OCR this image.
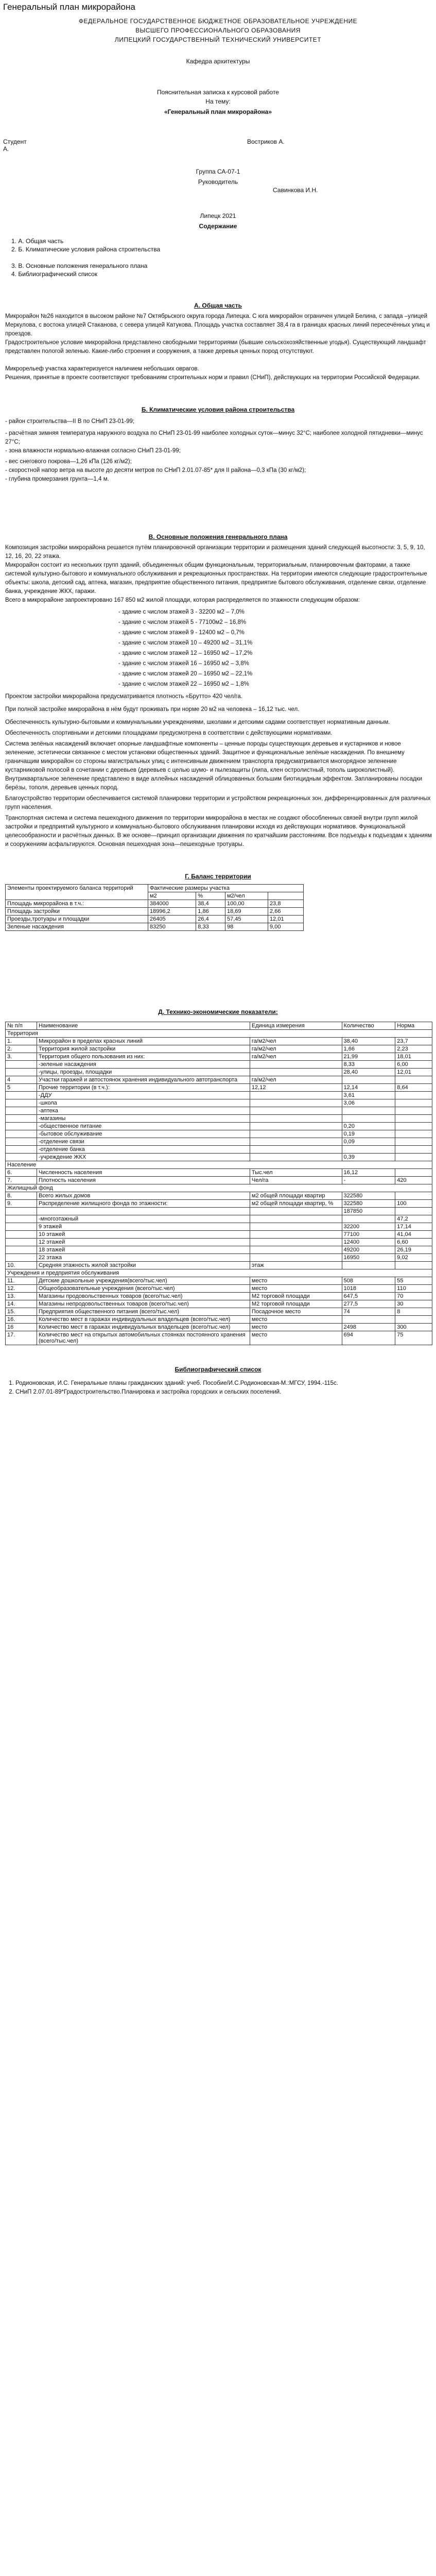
Генеральный план микрорайона
ФЕДЕРАЛЬНОЕ ГОСУДАРСТВЕННОЕ БЮДЖЕТНОЕ ОБРАЗОВАТЕЛЬНОЕ УЧРЕЖДЕНИЕ
ВЫСШЕГО ПРОФЕССИОНАЛЬНОГО ОБРАЗОВАНИЯ
ЛИПЕЦКИЙ ГОСУДАРСТВЕННЫЙ ТЕХНИЧЕСКИЙ УНИВЕРСИТЕТ
Кафедра архитектуры
Пояснительная записка к курсовой работе
На тему:
«Генеральный план микрорайона»
Студент	Востриков А.
А.
Группа СА-07-1
Руководитель
Савинкова И.Н.
Липецк 2021
Содержание
1. А. Общая часть
2. Б. Климатические условия района строительства
3. В. Основные положения генерального плана
4. Библиографический список
А. Общая часть

Микрорайон №26 находится в высоком районе №7 Октябрьского округа города Липецка. С юга микрорайон ограничен улицей Белина, с запада –улицей Меркулова, с востока улицей Стаканова, с севера улицей Катукова. Площадь участка составляет 38,4 га в границах красных линий пересечённых улиц и проездов.

Градостроительное условие микрорайона представлено свободными территориями (бывшие сельскохозяйственные угодья). Существующий ландшафт представлен пологой зеленью. Какие-либо строения и сооружения, а также деревья ценных пород отсутствуют.

Микрорельеф участка характеризуется наличием небольших оврагов.

Решения, принятые в проекте соответствуют требованиям строительных норм и правил (СНиП), действующих на территории Российской Федерации.

Б. Климатические условия района строительства

- район строительства—II В по СНиП 23-01-99;

- расчётная зимняя температура наружного воздуха по СНиП 23-01-99 наиболее холодных суток—минус 32°C; наиболее холодной пятидневки—минус 27°C;

- зона влажности нормально-влажная согласно СНиП 23-01-99;

- вес снегового покрова—1,26 кПа (126 кг/м2);

- скоростной напор ветра на высоте до десяти метров по СНиП 2.01.07-85* для II района—0,3 кПа (30 кг/м2);

- глубина промерзания грунта—1,4 м.

В. Основные положения генерального плана

Композиция застройки микрорайона решается путём планировочной организации территории и размещения зданий следующей высотности: 3, 5, 9, 10, 12, 16, 20, 22 этажа.

Микрорайон состоит из нескольких групп зданий, объединенных общим функциональным, территориальным, планировочным факторами, а также системой культурно-бытового и коммунального обслуживания и рекреационных пространствах. На территории имеются следующие градостроительные объекты: школа, детский сад, аптека, магазин, предприятие общественного питания, предприятие бытового обслуживания, отделение связи, отделение банка, учреждение ЖКХ, гаражи.

Всего в микрорайоне запроектировано 167 850 м2 жилой площади, которая распределяется по этажности следующим образом:

- здание с числом этажей 3 - 32200 м2 – 7,0%
- здание с числом этажей 5 - 77100м2 – 16,8%
- здание с числом этажей 9 - 12400 м2 – 0,7%
- здание с числом этажей 10 – 49200 м2 – 31,1%
- здание с числом этажей 12 – 16950 м2 – 17,2%
- здание с числом этажей 16 – 16950 м2 – 3,8%
- здание с числом этажей 20 – 16950 м2 – 22,1%
- здание с числом этажей 22 – 16950 м2 – 1,8%

Проектом застройки микрорайона предусматривается плотность «Брутто» 420 чел/га.

При полной застройке микрорайона в нём будут проживать при норме 20 м2 на человека – 16,12 тыс. чел.

Обеспеченность культурно-бытовыми и коммунальными учреждениями, школами и детскими садами соответствует нормативным данным.

Обеспеченность спортивными и детскими площадками предусмотрена в соответствии с действующими нормативами.

Система зелёных насаждений включает опорные ландшафтные компоненты – ценные породы существующих деревьев и кустарников и новое зеленение, эстетически связанное с местом установки общественных зданий. Защитное и функциональные зелёные насаждения. По внешнему граничащим микрорайон со стороны магистральных улиц с интенсивным движением транспорта предусматривается многорядное зеленение кустарниковой полосой в сочетании с деревьев (деревьев с целью шумо- и пылезащиты (липа, клен остролистный, тополь широколистный). Внутриквартальное зеленение представлено в виде аллейных насаждений облицованных большим биотицидным эффектом. Запланированы посадки берёзы, тополя, деревьев ценных пород.

Благоустройство территории обеспечивается системой планировки территории и устройством рекреационных зон, дифференцированных для различных групп населения.

Транспортная система и система пешеходного движения по территории микрорайона в местах не создают обособленных связей внутри групп жилой застройки и предприятий культурного и коммунально-бытового обслуживания планировки исходя из действующих нормативов. Функциональной целесообразности и расчётных данных. В же основе—принцип организации движения по кратчайшим расстояниям. Все подъезды к подъездам к зданиям и сооружениям асфальтируются. Основная пешеходная зона—пешеходные тротуары.

Г. Баланс территории
Элементы проектируемого баланса территорий	Фактические размеры участка			
	м2	%	м2/чел	
Площадь микрорайона в т.ч.:	384000	38,4	100,00	23,8
Площадь застройки	18996,2	1,86	18,69	2,66
Проезды,тротуары и площадки	26405	26,4	57,45	12,01
Зеленые насаждения	83250	8,33	98	9,00
Д. Технико-экономические показатели:
№ п/п	Наименование	Единица измерения	Количество	Норма
Территория				
1.	Микрорайон в пределах красных линий	га/м2/чел	38,40	23,7
2.	Территория жилой застройки	га/м2/чел	1,66	2,23
3.	Территория общего пользования из них:	га/м2/чел	21,99	18,01
	-зеленые насаждения		8,33	6,00
	-улицы, проезды, площадки		28,40	12,01
4	Участки гаражей и автостоянок хранения индивидуального автотранспорта	га/м2/чел		
5	Прочие территории (в т.ч.):	12,12	12,14	8,64
	-ДДУ		3,61	
	-школа		3,06	
	-аптека			
	-магазины			
	-общественное питание		0,20	
	-бытовое обслуживание		0,19	
	-отделение связи		0,09	
	-отделение банка			
	-учреждение ЖКХ		0,39	
Население				
6.	Численность населения	Тыс.чел	16,12	
7.	Плотность населения	Чел/га	-	420
Жилищный фонд				
8.	Всего жилых домов	м2 общей площади квартир	322580	
9.	Распределение жилищного фонда по этажности:	м2 общей площади квартир, %	322580	100
			187850	
	-многоэтажный			47,2
	9 этажей		32200	17,14
	10 этажей		77100	41,04
	12 этажей		12400	6,60
	18 этажей		49200	26,19
	22 этажа		16950	9,02
10.	Средняя этажность жилой застройки	этаж		
Учреждения и предприятия обслуживания				
11.	Детские дошкольные учреждения(всего/тыс.чел)	место	508	55
12.	Общеобразовательные учреждения (всего/тыс.чел)	место	1018	110
13.	Магазины продовольственных товаров (всего/тыс.чел)	М2 торговой площади	647,5	70
14.	Магазины непродовольственных товаров (всего/тыс.чел)	М2 торговой площади	277,5	30
15.	Предприятия общественного питания (всего/тыс.чел)	Посадочное место	74	8
16.	Количество мест в гаражах индивидуальных владельцев (всего/тыс.чел)	место		
16	Количество мест в гаражах индивидуальных владельцев (всего/тыс.чел)	место	2498	300
17.	Количество мест на открытых автомобильных стоянках постоянного хранения (всего/тыс.чел)	место	694	75
Библиографический список
1. Родионовская, И.С. Генеральные планы гражданских зданий: учеб. Пособие/И.С.Родионовская-М.:МГСУ, 1994.-115с.
2. СНиП 2.07.01-89*Градостроительство.Планировка и застройка городских и сельских поселений.
